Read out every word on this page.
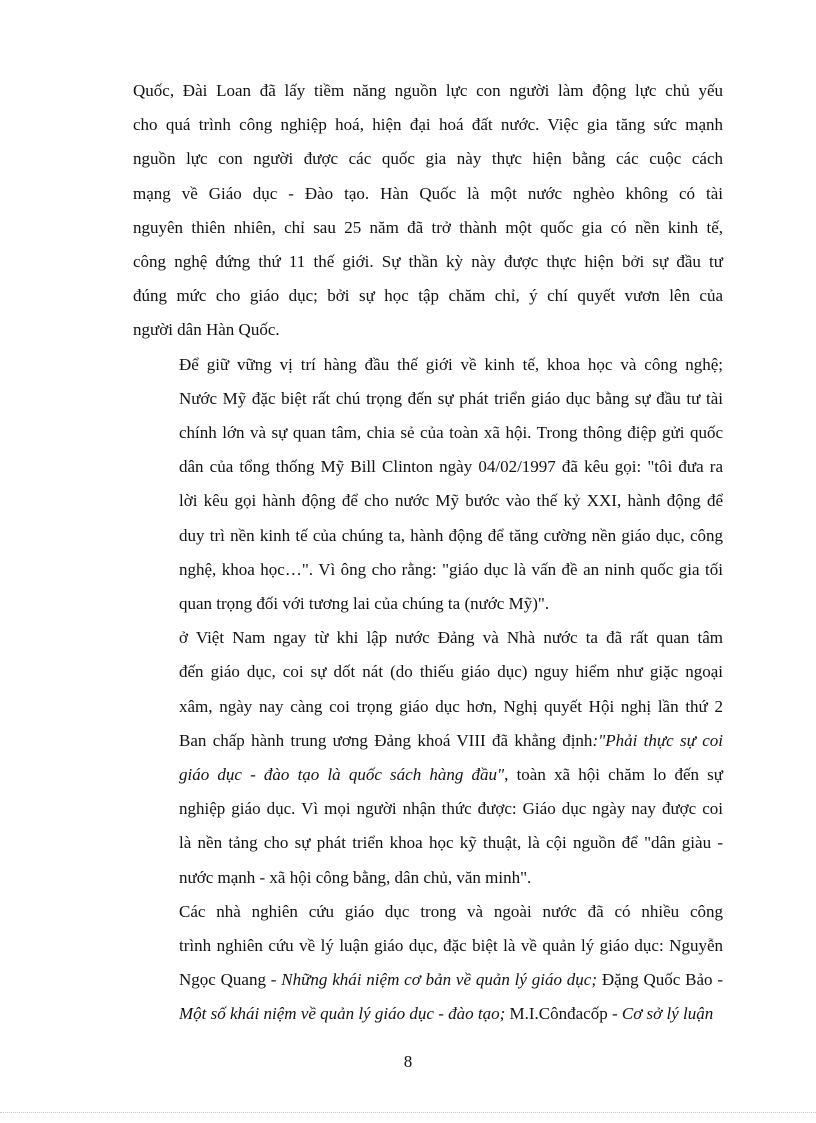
Quốc, Đài Loan đã lấy tiềm năng nguồn lực con người làm động lực chủ yếu
cho quá trình công nghiệp hoá, hiện đại hoá đất nước. Việc gia tăng sức mạnh
nguồn lực con người được các quốc gia này thực hiện bằng các cuộc cách
mạng về Giáo dục - Đào tạo. Hàn Quốc là một nước nghèo không có tài
nguyên thiên nhiên, chỉ sau 25 năm đã trở thành một quốc gia có nền kinh tế,
công nghệ đứng thứ 11 thế giới. Sự thần kỳ này được thực hiện bởi sự đầu tư
đúng mức cho giáo dục; bởi sự học tập chăm chỉ, ý chí quyết vươn lên của
người dân Hàn Quốc.

Để giữ vững vị trí hàng đầu thế giới về kinh tế, khoa học và công nghệ;
Nước Mỹ đặc biệt rất chú trọng đến sự phát triển giáo dục bằng sự đầu tư tài
chính lớn và sự quan tâm, chia sẻ của toàn xã hội. Trong thông điệp gửi quốc
dân của tổng thống Mỹ Bill Clinton ngày 04/02/1997 đã kêu gọi: "tôi đưa ra
lời kêu gọi hành động để cho nước Mỹ bước vào thế kỷ XXI, hành động để
duy trì nền kinh tế của chúng ta, hành động để tăng cường nền giáo dục, công
nghệ, khoa học…". Vì ông cho rằng: "giáo dục là vấn đề an ninh quốc gia tối
quan trọng đối với tương lai của chúng ta (nước Mỹ)".

ở Việt Nam ngay từ khi lập nước Đảng và Nhà nước ta đã rất quan tâm
đến giáo dục, coi sự dốt nát (do thiếu giáo dục) nguy hiểm như giặc ngoại
xâm, ngày nay càng coi trọng giáo dục hơn, Nghị quyết Hội nghị lần thứ 2
Ban chấp hành trung ương Đảng khoá VIII đã khẳng định:"Phải thực sự coi
giáo dục - đào tạo là quốc sách hàng đầu", toàn xã hội chăm lo đến sự
nghiệp giáo dục. Vì mọi người nhận thức được: Giáo dục ngày nay được coi
là nền tảng cho sự phát triển khoa học kỹ thuật, là cội nguồn để "dân giàu -
nước mạnh - xã hội công bằng, dân chủ, văn minh".

Các nhà nghiên cứu giáo dục trong và ngoài nước đã có nhiều công
trình nghiên cứu về lý luận giáo dục, đặc biệt là về quản lý giáo dục: Nguyễn
Ngọc Quang - Những khái niệm cơ bản về quản lý giáo dục; Đặng Quốc Bảo -
Một số khái niệm về quản lý giáo dục - đào tạo; M.I.Cônđacốp - Cơ sở lý luận

8
